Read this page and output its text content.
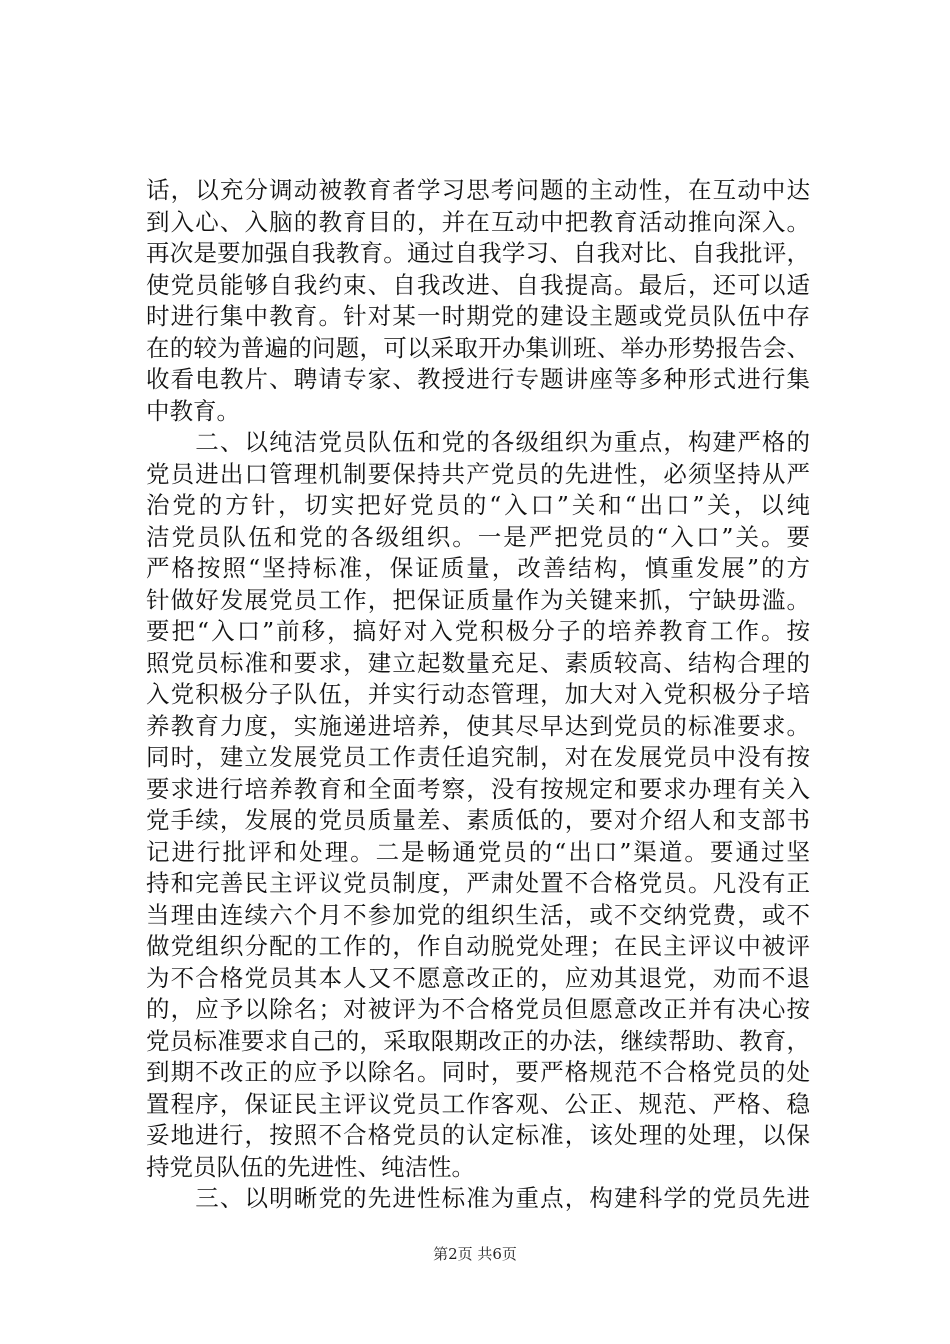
话，以充分调动被教育者学习思考问题的主动性，在互动中达
到入心、入脑的教育目的，并在互动中把教育活动推向深入。
再次是要加强自我教育。通过自我学习、自我对比、自我批评，
使党员能够自我约束、自我改进、自我提高。最后，还可以适
时进行集中教育。针对某一时期党的建设主题或党员队伍中存
在的较为普遍的问题，可以采取开办集训班、举办形势报告会、
收看电教片、聘请专家、教授进行专题讲座等多种形式进行集
中教育。
　　二、以纯洁党员队伍和党的各级组织为重点，构建严格的
党员进出口管理机制要保持共产党员的先进性，必须坚持从严
治党的方针，切实把好党员的“入口”关和“出口”关，以纯
洁党员队伍和党的各级组织。一是严把党员的“入口”关。要
严格按照“坚持标准，保证质量，改善结构，慎重发展”的方
针做好发展党员工作，把保证质量作为关键来抓，宁缺毋滥。
要把“入口”前移，搞好对入党积极分子的培养教育工作。按
照党员标准和要求，建立起数量充足、素质较高、结构合理的
入党积极分子队伍，并实行动态管理，加大对入党积极分子培
养教育力度，实施递进培养，使其尽早达到党员的标准要求。
同时，建立发展党员工作责任追究制，对在发展党员中没有按
要求进行培养教育和全面考察，没有按规定和要求办理有关入
党手续，发展的党员质量差、素质低的，要对介绍人和支部书
记进行批评和处理。二是畅通党员的“出口”渠道。要通过坚
持和完善民主评议党员制度，严肃处置不合格党员。凡没有正
当理由连续六个月不参加党的组织生活，或不交纳党费，或不
做党组织分配的工作的，作自动脱党处理；在民主评议中被评
为不合格党员其本人又不愿意改正的，应劝其退党，劝而不退
的，应予以除名；对被评为不合格党员但愿意改正并有决心按
党员标准要求自己的，采取限期改正的办法，继续帮助、教育，
到期不改正的应予以除名。同时，要严格规范不合格党员的处
置程序，保证民主评议党员工作客观、公正、规范、严格、稳
妥地进行，按照不合格党员的认定标准，该处理的处理，以保
持党员队伍的先进性、纯洁性。
　　三、以明晰党的先进性标准为重点，构建科学的党员先进
第2页 共6页
